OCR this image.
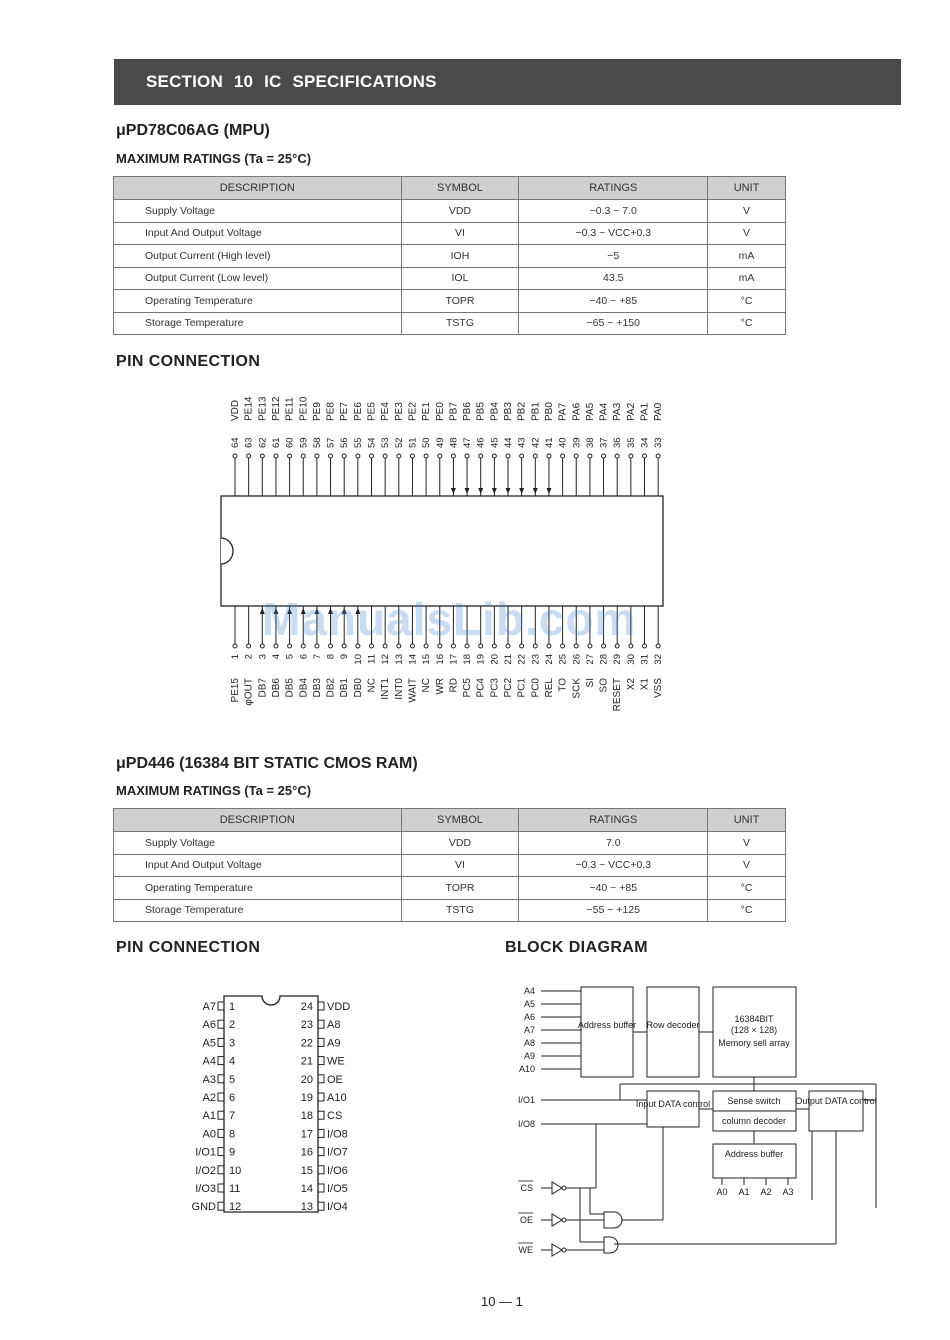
SECTION 10 IC SPECIFICATIONS
μPD78C06AG (MPU)
MAXIMUM RATINGS (Ta = 25°C)
DESCRIPTION	SYMBOL	RATINGS	UNIT
Supply Voltage	VDD	−0.3 ~ 7.0	V
Input And Output Voltage	VI	−0.3 ~ VCC+0.3	V
Output Current (High level)	IOH	−5	mA
Output Current (Low level)	IOL	43.5	mA
Operating Temperature	TOPR	−40 ~ +85	°C
Storage Temperature	TSTG	−65 ~ +150	°C
PIN CONNECTION
64
VDD
63
PE14
62
PE13
61
PE12
60
PE11
59
PE10
58
PE9
57
PE8
56
PE7
55
PE6
54
PE5
53
PE4
52
PE3
51
PE2
50
PE1
49
PE0
48
PB7
47
PB6
46
PB5
45
PB4
44
PB3
43
PB2
42
PB1
41
PB0
40
PA7
39
PA6
38
PA5
37
PA4
36
PA3
35
PA2
34
PA1
33
PA0
1
PE15
2
φOUT
3
DB7
4
DB6
5
DB5
6
DB4
7
DB3
8
DB2
9
DB1
10
DB0
11
NC
12
INT1
13
INT0
14
WAIT
15
NC
16
WR
17
RD
18
PC5
19
PC4
20
PC3
21
PC2
22
PC1
23
PC0
24
REL
25
TO
26
SCK
27
SI
28
SO
29
RESET
30
X2
31
X1
32
VSS
μPD446 (16384 BIT STATIC CMOS RAM)
MAXIMUM RATINGS (Ta = 25°C)
DESCRIPTION	SYMBOL	RATINGS	UNIT
Supply Voltage	VDD	7.0	V
Input And Output Voltage	VI	−0.3 ~ VCC+0.3	V
Operating Temperature	TOPR	−40 ~ +85	°C
Storage Temperature	TSTG	−55 ~ +125	°C
PIN CONNECTION	BLOCK DIAGRAM
A7 1
A6 2
A5 3
A4 4
A3 5
A2 6
A1 7
A0 8
I/O1 9
I/O2 10
I/O3 11
GND 12
24 VDD
23 A8
22 A9
21 WE
20 OE
19 A10
18 CS
17 I/O8
16 I/O7
15 I/O6
14 I/O5
13 I/O4
A4
A5
A6
A7
A8
A9
A10
Address buffer Row decoder
16384BIT
(128 × 128)
Memory sell array
Input DATA control Sense switch
column decoder
Address buffer
Output DATA control
I/O1
I/O8
A0 A1 A2 A3
CS
OE
WE
ManualsLib.com
10 — 1
